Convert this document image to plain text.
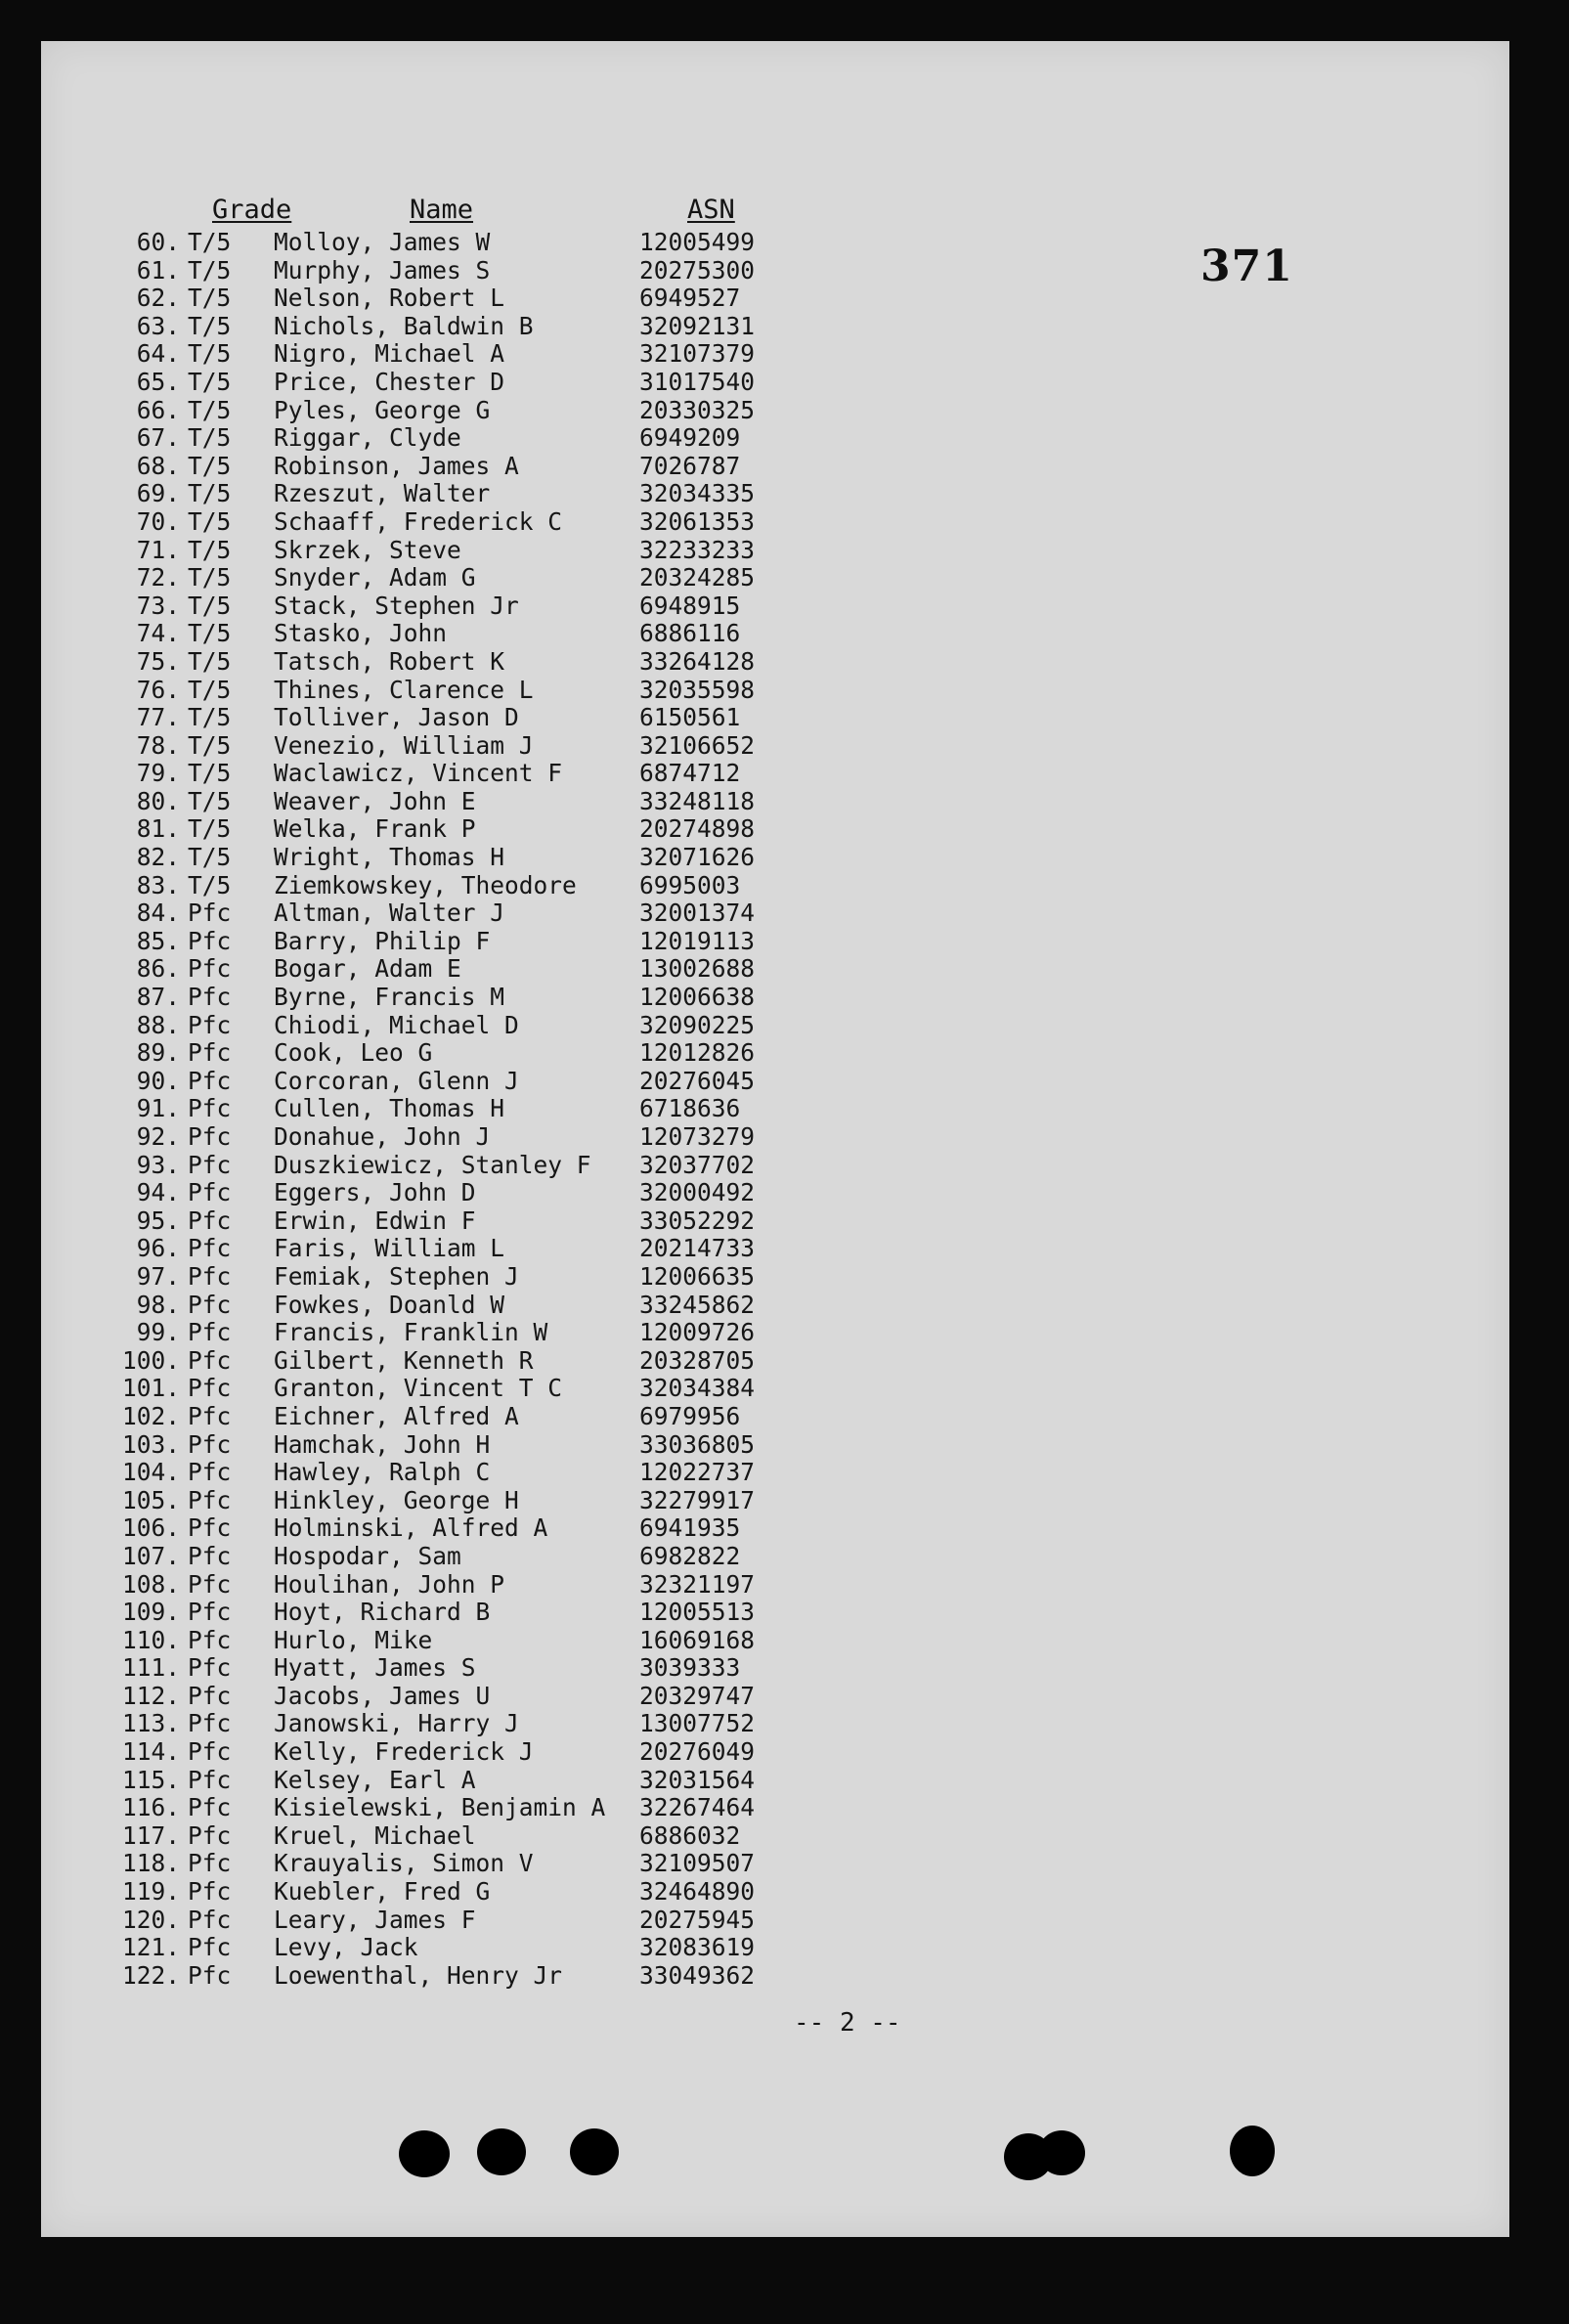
Grade	Name	ASN
371
60. T/5 Molloy, James W	12005499
61. T/5 Murphy, James S	20275300
62. T/5 Nelson, Robert L	6949527
63. T/5 Nichols, Baldwin B	32092131
64. T/5 Nigro, Michael A	32107379
65. T/5 Price, Chester D	31017540
66. T/5 Pyles, George G	20330325
67. T/5 Riggar, Clyde	6949209
68. T/5 Robinson, James A	7026787
69. T/5 Rzeszut, Walter	32034335
70. T/5 Schaaff, Frederick C	32061353
71. T/5 Skrzek, Steve	32233233
72. T/5 Snyder, Adam G	20324285
73. T/5 Stack, Stephen Jr	6948915
74. T/5 Stasko, John	6886116
75. T/5 Tatsch, Robert K	33264128
76. T/5 Thines, Clarence L	32035598
77. T/5 Tolliver, Jason D	6150561
78. T/5 Venezio, William J	32106652
79. T/5 Waclawicz, Vincent F	6874712
80. T/5 Weaver, John E	33248118
81. T/5 Welka, Frank P	20274898
82. T/5 Wright, Thomas H	32071626
83. T/5 Ziemkowskey, Theodore	6995003
84. Pfc Altman, Walter J	32001374
85. Pfc Barry, Philip F	12019113
86. Pfc Bogar, Adam E	13002688
87. Pfc Byrne, Francis M	12006638
88. Pfc Chiodi, Michael D	32090225
89. Pfc Cook, Leo G	12012826
90. Pfc Corcoran, Glenn J	20276045
91. Pfc Cullen, Thomas H	6718636
92. Pfc Donahue, John J	12073279
93. Pfc Duszkiewicz, Stanley F 32037702
94. Pfc Eggers, John D	32000492
95. Pfc Erwin, Edwin F	33052292
96. Pfc Faris, William L	20214733
97. Pfc Femiak, Stephen J	12006635
98. Pfc Fowkes, Doanld W	33245862
99. Pfc Francis, Franklin W	12009726
100. Pfc Gilbert, Kenneth R	20328705
101. Pfc Granton, Vincent T C	32034384
102. Pfc Eichner, Alfred A	6979956
103. Pfc Hamchak, John H	33036805
104. Pfc Hawley, Ralph C	12022737
105. Pfc Hinkley, George H	32279917
106. Pfc Holminski, Alfred A	6941935
107. Pfc Hospodar, Sam	6982822
108. Pfc Houlihan, John P	32321197
109. Pfc Hoyt, Richard B	12005513
110. Pfc Hurlo, Mike	16069168
111. Pfc Hyatt, James S	3039333
112. Pfc Jacobs, James U	20329747
113. Pfc Janowski, Harry J	13007752
114. Pfc Kelly, Frederick J	20276049
115. Pfc Kelsey, Earl A	32031564
116. Pfc Kisielewski, Benjamin A 32267464
117. Pfc Kruel, Michael	6886032
118. Pfc Krauyalis, Simon V	32109507
119. Pfc Kuebler, Fred G	32464890
120. Pfc Leary, James F	20275945
121. Pfc Levy, Jack	32083619
122. Pfc Loewenthal, Henry Jr	33049362
-- 2 --
